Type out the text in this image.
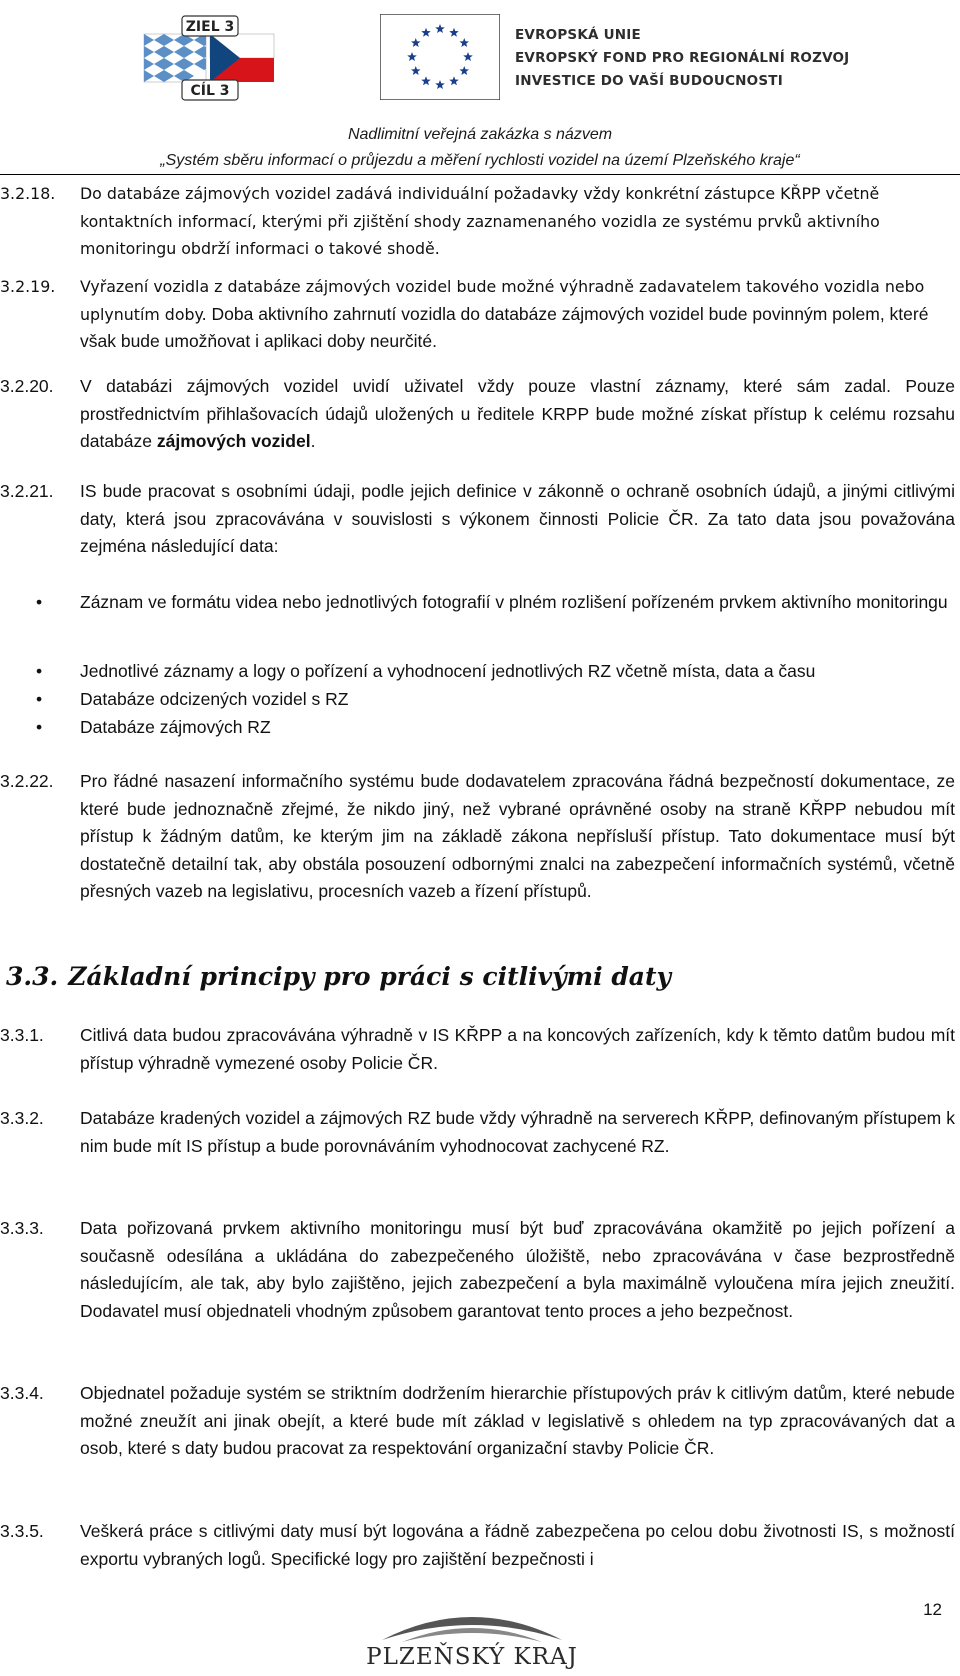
ZIEL 3
CÍL 3
EVROPSKÁ UNIE
EVROPSKÝ FOND PRO REGIONÁLNÍ ROZVOJ
INVESTICE DO VAŠÍ BUDOUCNOSTI
Nadlimitní veřejná zakázka s názvem
„Systém sběru informací o průjezdu a měření rychlosti vozidel na území Plzeňského kraje“
3.2.18. Do databáze zájmových vozidel zadává individuální požadavky vždy konkrétní zástupce KŘPP včetně kontaktních informací, kterými při zjištění shody zaznamenaného vozidla ze systému prvků aktivního monitoringu obdrží informaci o takové shodě.
3.2.19. Vyřazení vozidla z databáze zájmových vozidel bude možné výhradně zadavatelem takového vozidla nebo uplynutím doby. Doba aktivního zahrnutí vozidla do databáze zájmových vozidel bude povinným polem, které však bude umožňovat i aplikaci doby neurčité.
3.2.20. V databázi zájmových vozidel uvidí uživatel vždy pouze vlastní záznamy, které sám zadal. Pouze prostřednictvím přihlašovacích údajů uložených u ředitele KRPP bude možné získat přístup k celému rozsahu databáze zájmových vozidel.
3.2.21. IS bude pracovat s osobními údaji, podle jejich definice v zákonně o ochraně osobních údajů, a jinými citlivými daty, která jsou zpracovávána v souvislosti s výkonem činnosti Policie ČR. Za tato data jsou považována zejména následující data:
• Záznam ve formátu videa nebo jednotlivých fotografií v plném rozlišení pořízeném prvkem aktivního monitoringu
• Jednotlivé záznamy a logy o pořízení a vyhodnocení jednotlivých RZ včetně místa, data a času
• Databáze odcizených vozidel s RZ
• Databáze zájmových RZ
3.2.22. Pro řádné nasazení informačního systému bude dodavatelem zpracována řádná bezpečností dokumentace, ze které bude jednoznačně zřejmé, že nikdo jiný, než vybrané oprávněné osoby na straně KŘPP nebudou mít přístup k žádným datům, ke kterým jim na základě zákona nepřísluší přístup. Tato dokumentace musí být dostatečně detailní tak, aby obstála posouzení odbornými znalci na zabezpečení informačních systémů, včetně přesných vazeb na legislativu, procesních vazeb a řízení přístupů.
3.3. Základní principy pro práci s citlivými daty
3.3.1. Citlivá data budou zpracovávána výhradně v IS KŘPP a na koncových zařízeních, kdy k těmto datům budou mít přístup výhradně vymezené osoby Policie ČR.
3.3.2. Databáze kradených vozidel a zájmových RZ bude vždy výhradně na serverech KŘPP, definovaným přístupem k nim bude mít IS přístup a bude porovnáváním vyhodnocovat zachycené RZ.
3.3.3. Data pořizovaná prvkem aktivního monitoringu musí být buď zpracovávána okamžitě po jejich pořízení a současně odesílána a ukládána do zabezpečeného úložiště, nebo zpracovávána v čase bezprostředně následujícím, ale tak, aby bylo zajištěno, jejich zabezpečení a byla maximálně vyloučena míra jejich zneužití. Dodavatel musí objednateli vhodným způsobem garantovat tento proces a jeho bezpečnost.
3.3.4. Objednatel požaduje systém se striktním dodržením hierarchie přístupových práv k citlivým datům, které nebude možné zneužít ani jinak obejít, a které bude mít základ v legislativě s ohledem na typ zpracovávaných dat a osob, které s daty budou pracovat za respektování organizační stavby Policie ČR.
3.3.5. Veškerá práce s citlivými daty musí být logována a řádně zabezpečena po celou dobu životnosti IS, s možností exportu vybraných logů. Specifické logy pro zajištění bezpečnosti i
12
PLZEŇSKÝ KRAJ
